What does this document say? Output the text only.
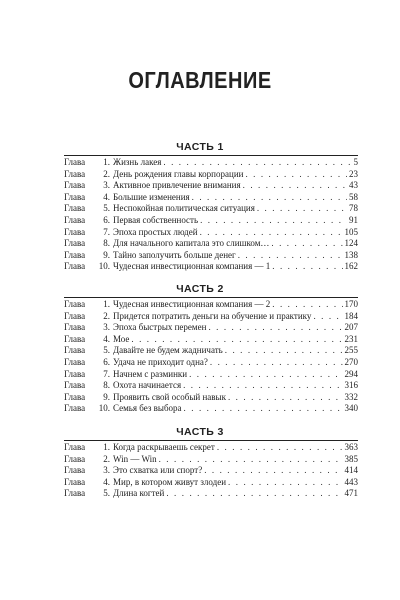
ОГЛАВЛЕНИЕ
ЧАСТЬ 1
Глава	1. Жизнь лакея . . .	5
Глава	2. День рождения главы корпорации . . .	23
Глава	3. Активное привлечение внимания . . .	43
Глава	4. Большие изменения . . .	58
Глава	5. Неспокойная политическая ситуация . . .	78
Глава	6. Первая собственность . . .	91
Глава	7. Эпоха простых людей . . .	105
Глава	8. Для начального капитала это слишком… . . .	124
Глава	9. Тайно заполучить больше денег . . .	138
Глава	10. Чудесная инвестиционная компания — 1 . . .	162
ЧАСТЬ 2
Глава	1. Чудесная инвестиционная компания — 2 . . .	170
Глава	2. Придется потратить деньги на обучение и практику . . .	184
Глава	3. Эпоха быстрых перемен . . .	207
Глава	4. Мое . . .	231
Глава	5. Давайте не будем жадничать . . .	255
Глава	6. Удача не приходит одна? . . .	270
Глава	7. Начнем с разминки . . .	294
Глава	8. Охота начинается . . .	316
Глава	9. Проявить свой особый навык . . .	332
Глава	10. Семья без выбора . . .	340
ЧАСТЬ 3
Глава	1. Когда раскрываешь секрет . . .	363
Глава	2. Win — Win . . .	385
Глава	3. Это схватка или спорт? . . .	414
Глава	4. Мир, в котором живут злодеи . . .	443
Глава	5. Длина когтей . . .	471
